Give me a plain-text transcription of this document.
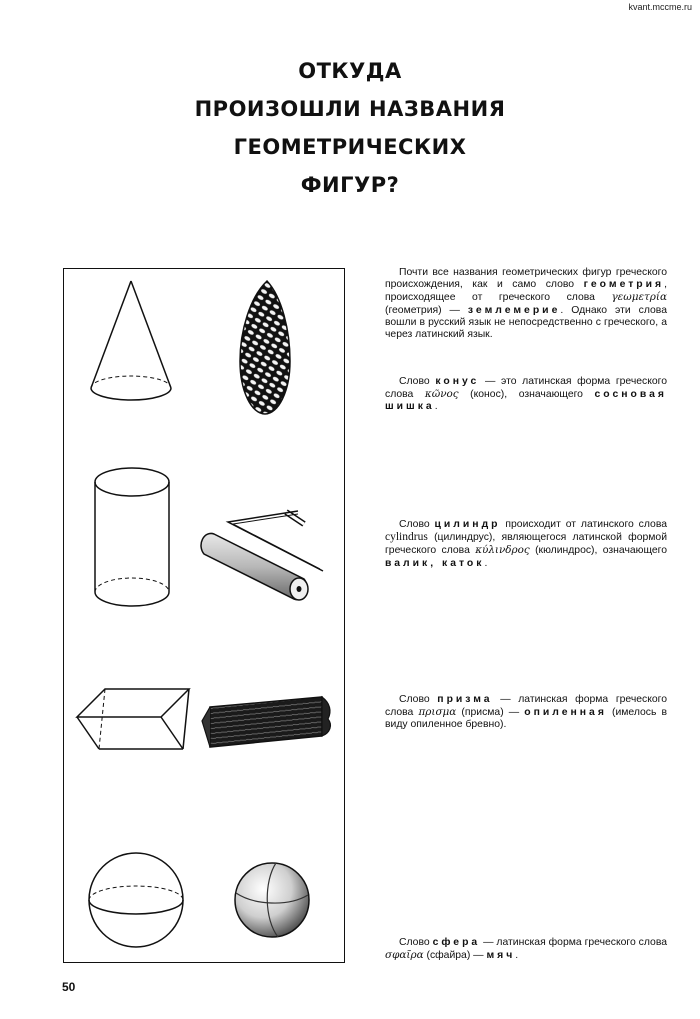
kvant.mccme.ru
ОТКУДА
ПРОИЗОШЛИ НАЗВАНИЯ
ГЕОМЕТРИЧЕСКИХ
ФИГУР?
Почти все названия геометрических фигур греческого происхождения, как и само слово геометрия, происходящее от греческого слова γεωμετρία (геометрия) — землемерие. Однако эти слова вошли в русский язык не непосредственно с греческого, а через латинский язык.
Слово конус — это латинская форма греческого слова κῶνος (конос), означающего сосновая шишка.
Слово цилиндр происходит от латинского слова cylindrus (цилиндрус), являющегося латинской формой греческого слова κύλινδρος (кюлиндрос), означающего валик, каток.
Слово призма — латинская форма греческого слова πρισμα (присма) — опиленная (имелось в виду опиленное бревно).
Слово сфера — латинская форма греческого слова σφαῖρα (сфайра) — мяч.
50
